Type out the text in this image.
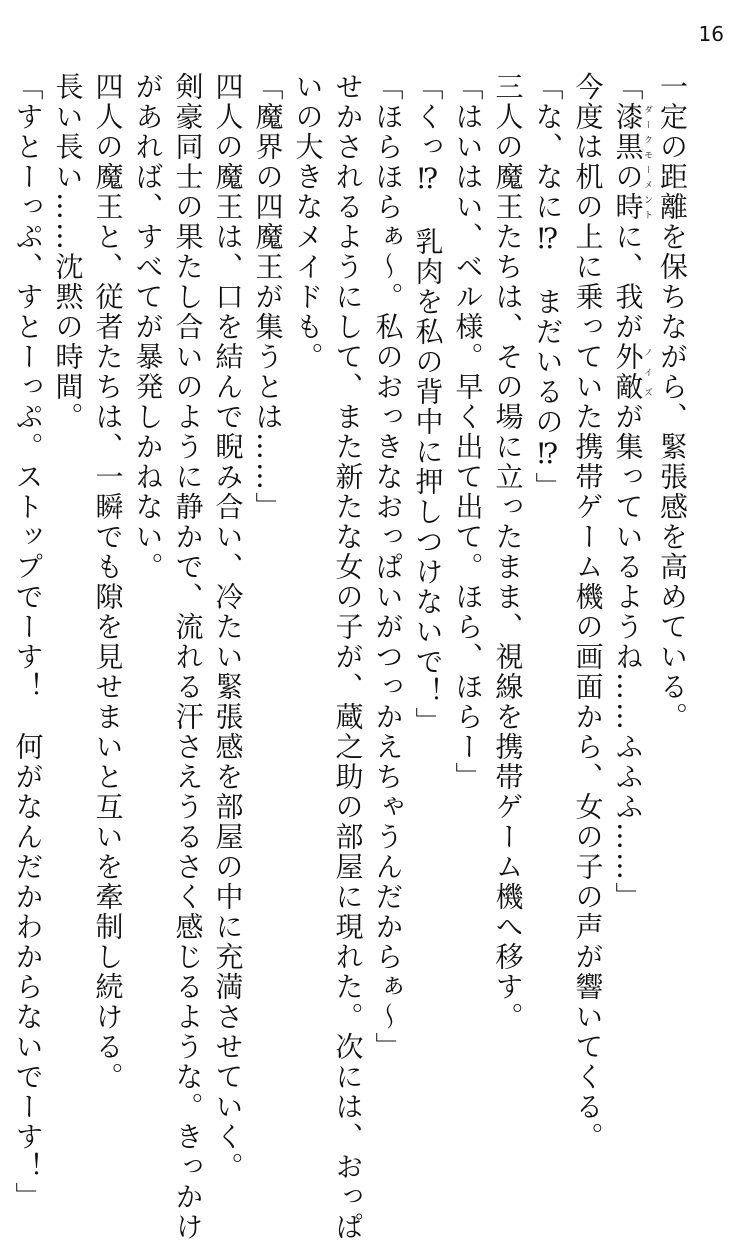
16
一定の距離を保ちながら、緊張感を高めている。
「漆黒の時ダークモーメントに、我が外敵ノイズが集っているようね……ふふふ……」
今度は机の上に乗っていた携帯ゲーム機の画面から、女の子の声が響いてくる。
「な、なに⁉　まだいるの⁉」
三人の魔王たちは、その場に立ったまま、視線を携帯ゲーム機へ移す。
「はいはい、ベル様。早く出て出て。ほら、ほらー」
「くっ⁉　乳肉を私の背中に押しつけないで！」
「ほらほらぁ〜。私のおっきなおっぱいがつっかえちゃうんだからぁ〜」
せかされるようにして、また新たな女の子が、蔵之助の部屋に現れた。次には、おっぱ
いの大きなメイドも。
「魔界の四魔王が集うとは……」
四人の魔王は、口を結んで睨み合い、冷たい緊張感を部屋の中に充満させていく。
剣豪同士の果たし合いのように静かで、流れる汗さえうるさく感じるような。きっかけ
があれば、すべてが暴発しかねない。
四人の魔王と、従者たちは、一瞬でも隙を見せまいと互いを牽制し続ける。
長い長い……沈黙の時間。
「すとーっぷ、すとーっぷ。ストップでーす！　何がなんだかわからないでーす！」
